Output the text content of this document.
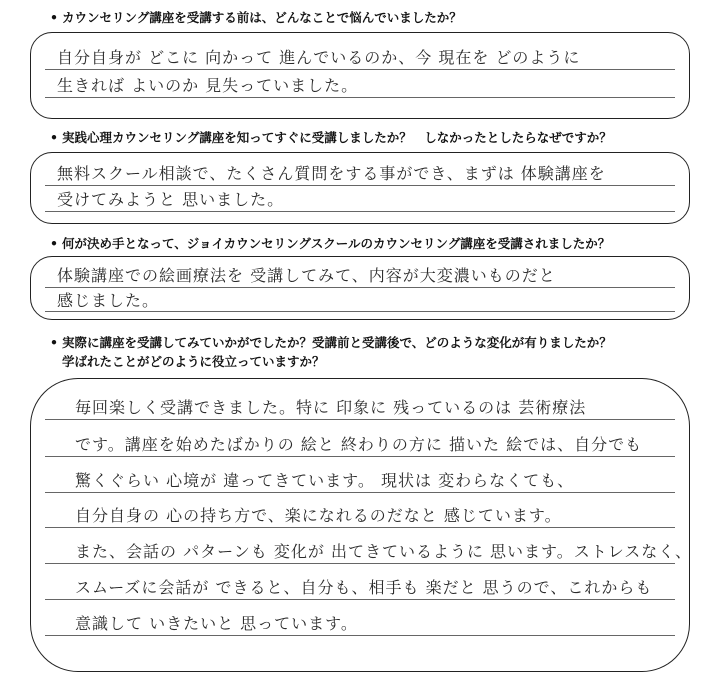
• カウンセリング講座を受講する前は、どんなことで悩んでいましたか？
自分自身が どこに 向かって 進んでいるのか、今 現在を どのように
生きれば よいのか 見失っていました。
• 実践心理カウンセリング講座を知ってすぐに受講しましたか？　しなかったとしたらなぜですか？
無料スクール相談で、たくさん質問をする事ができ、まずは 体験講座を
受けてみようと 思いました。
• 何が決め手となって、ジョイカウンセリングスクールのカウンセリング講座を受講されましたか？
体験講座での絵画療法を 受講してみて、内容が大変濃いものだと
感じました。
• 実際に講座を受講してみていかがでしたか？受講前と受講後で、どのような変化が有りましたか？
学ばれたことがどのように役立っていますか？
毎回楽しく受講できました。特に 印象に 残っているのは 芸術療法
です。講座を始めたばかりの 絵と 終わりの方に 描いた 絵では、自分でも
驚くぐらい 心境が 違ってきています。 現状は 変わらなくても、
自分自身の 心の持ち方で、楽になれるのだなと 感じています。
また、会話の パターンも 変化が 出てきているように 思います。ストレスなく、
スムーズに会話が できると、自分も、相手も 楽だと 思うので、これからも
意識して いきたいと 思っています。
